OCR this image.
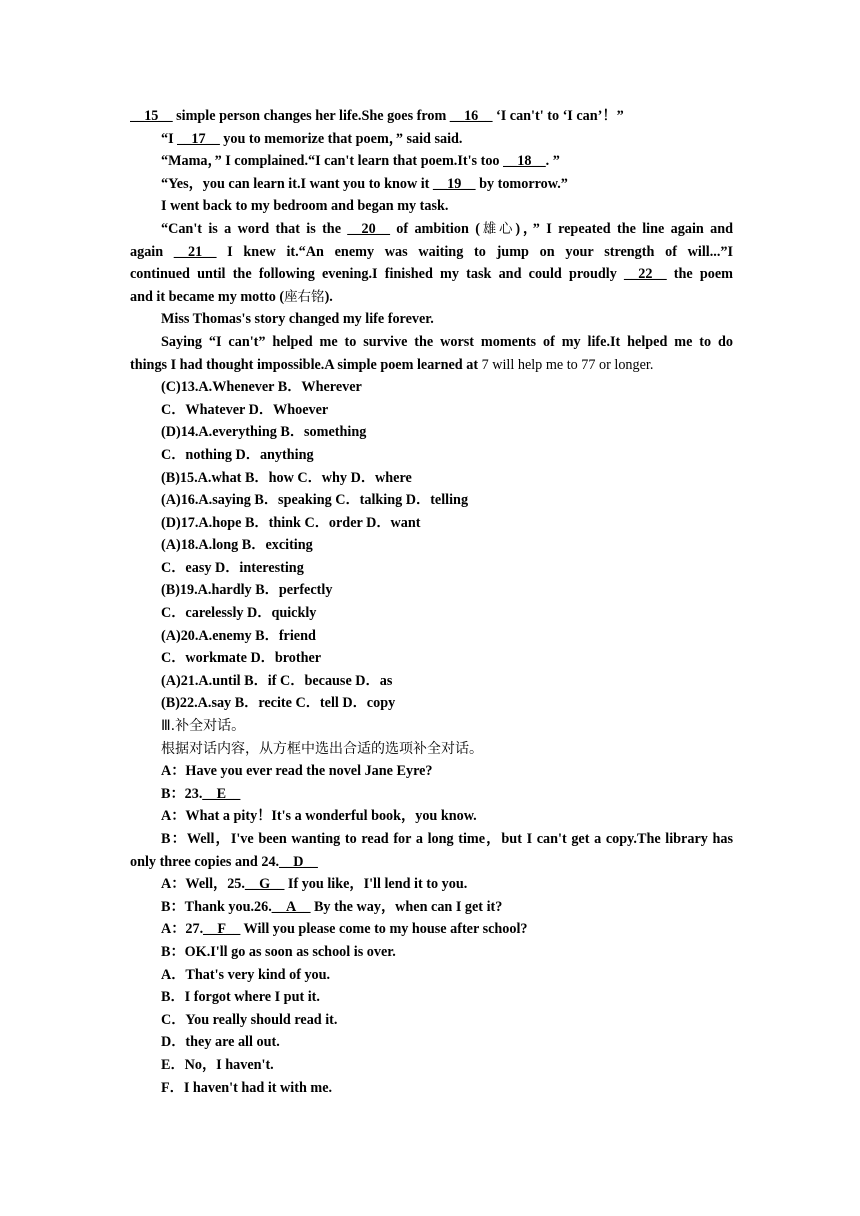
__15__ simple person changes her life.She goes from __16__ ‘I can't' to ‘I can’！”
“I __17__ you to memorize that poem，” said said.
“Mama，” I complained.“I can't learn that poem.It's too __18__. ”
“Yes，you can learn it.I want you to know it __19__ by tomorrow.”
I went back to my bedroom and began my task.
“Can't is a word that is the __20__ of ambition (雄心)，” I repeated the line again and
again __21__ I knew it.“An enemy was waiting to jump on your strength of will...”I
continued until the following evening.I finished my task and could proudly __22__ the poem
and it became my motto (座右铭).
Miss Thomas's story changed my life forever.
Saying “I can't” helped me to survive the worst moments of my life.It helped me to do
things I had thought impossible.A simple poem learned at 7 will help me to 77 or longer.
(C)13.A.Whenever B．Wherever
C．Whatever D．Whoever
(D)14.A.everything B．something
C．nothing D．anything
(B)15.A.what B．how C．why D．where
(A)16.A.saying B．speaking C．talking D．telling
(D)17.A.hope B．think C．order D．want
(A)18.A.long B．exciting
C．easy D．interesting
(B)19.A.hardly B．perfectly
C．carelessly D．quickly
(A)20.A.enemy B．friend
C．workmate D．brother
(A)21.A.until B．if C．because D．as
(B)22.A.say B．recite C．tell D．copy
Ⅲ.补全对话。
根据对话内容，从方框中选出合适的选项补全对话。
A：Have you ever read the novel Jane Eyre?
B：23.__E__
A：What a pity！It's a wonderful book，you know.
B：Well，I've been wanting to read for a long time，but I can't get a copy.The library has
only three copies and 24.__D__
A：Well，25.__G__ If you like，I'll lend it to you.
B：Thank you.26.__A__ By the way，when can I get it?
A：27.__F__ Will you please come to my house after school?
B：OK.I'll go as soon as school is over.
A．That's very kind of you.
B．I forgot where I put it.
C．You really should read it.
D．they are all out.
E．No，I haven't.
F．I haven't had it with me.
